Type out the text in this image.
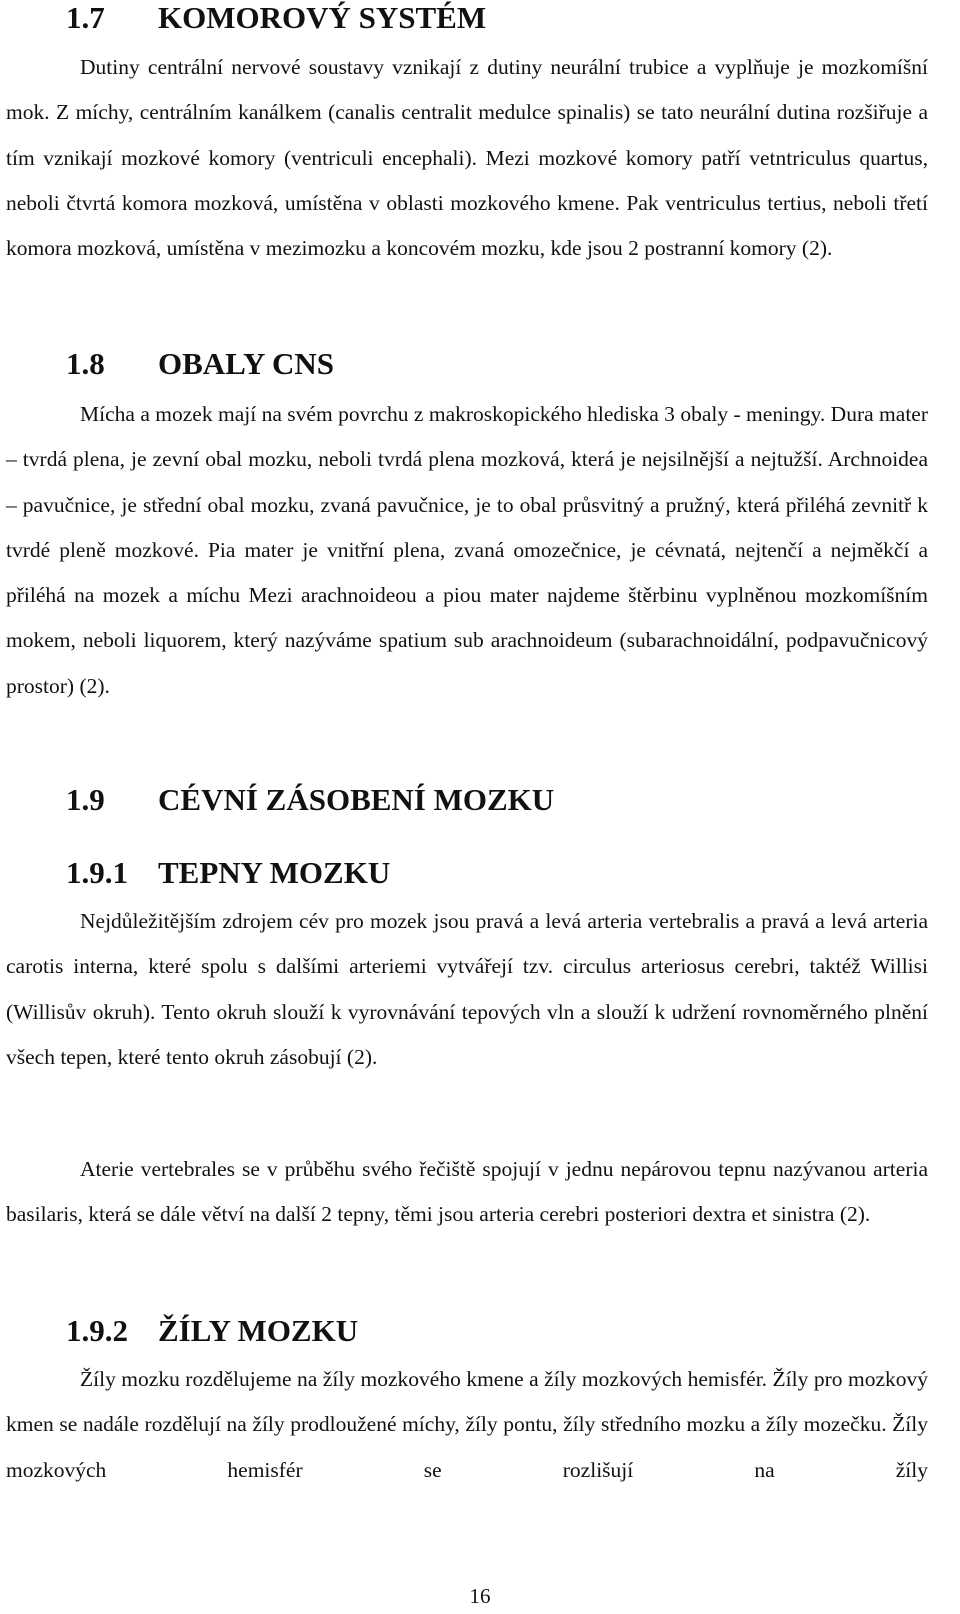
1.7 KOMOROVÝ SYSTÉM

Dutiny centrální nervové soustavy vznikají z dutiny neurální trubice a vyplňuje je mozkomíšní mok. Z míchy, centrálním kanálkem (canalis centralit medulce spinalis) se tato neurální dutina rozšiřuje a tím vznikají mozkové komory (ventriculi encephali). Mezi mozkové komory patří vetntriculus quartus, neboli čtvrtá komora mozková, umístěna v oblasti mozkového kmene. Pak ventriculus tertius, neboli třetí komora mozková, umístěna v mezimozku a koncovém mozku, kde jsou 2 postranní komory (2).

1.8 OBALY CNS

Mícha a mozek mají na svém povrchu z makroskopického hlediska 3 obaly - meningy. Dura mater – tvrdá plena, je zevní obal mozku, neboli tvrdá plena mozková, která je nejsilnější a nejtužší. Archnoidea – pavučnice, je střední obal mozku, zvaná pavučnice, je to obal průsvitný a pružný, která přiléhá zevnitř k tvrdé pleně mozkové. Pia mater je vnitřní plena, zvaná omozečnice, je cévnatá, nejtenčí a nejměkčí a přiléhá na mozek a míchu Mezi arachnoideou a piou mater najdeme štěrbinu vyplněnou mozkomíšním mokem, neboli liquorem, který nazýváme spatium sub arachnoideum (subarachnoidální, podpavučnicový prostor) (2).

1.9 CÉVNÍ ZÁSOBENÍ MOZKU
1.9.1 TEPNY MOZKU

Nejdůležitějším zdrojem cév pro mozek jsou pravá a levá arteria vertebralis a pravá a levá arteria carotis interna, které spolu s dalšími arteriemi vytvářejí tzv. circulus arteriosus cerebri, taktéž Willisi (Willisův okruh). Tento okruh slouží k vyrovnávání tepových vln a slouží k udržení rovnoměrného plnění všech tepen, které tento okruh zásobují (2).

Aterie vertebrales se v průběhu svého řečiště spojují v jednu nepárovou tepnu nazývanou arteria basilaris, která se dále větví na další 2 tepny, těmi jsou arteria cerebri posteriori dextra et sinistra (2).

1.9.2 ŽÍLY MOZKU

Žíly mozku rozdělujeme na žíly mozkového kmene a žíly mozkových hemisfér. Žíly pro mozkový kmen se nadále rozdělují na žíly prodloužené míchy, žíly pontu, žíly středního mozku a žíly mozečku. Žíly mozkových hemisfér se rozlišují na žíly

16
